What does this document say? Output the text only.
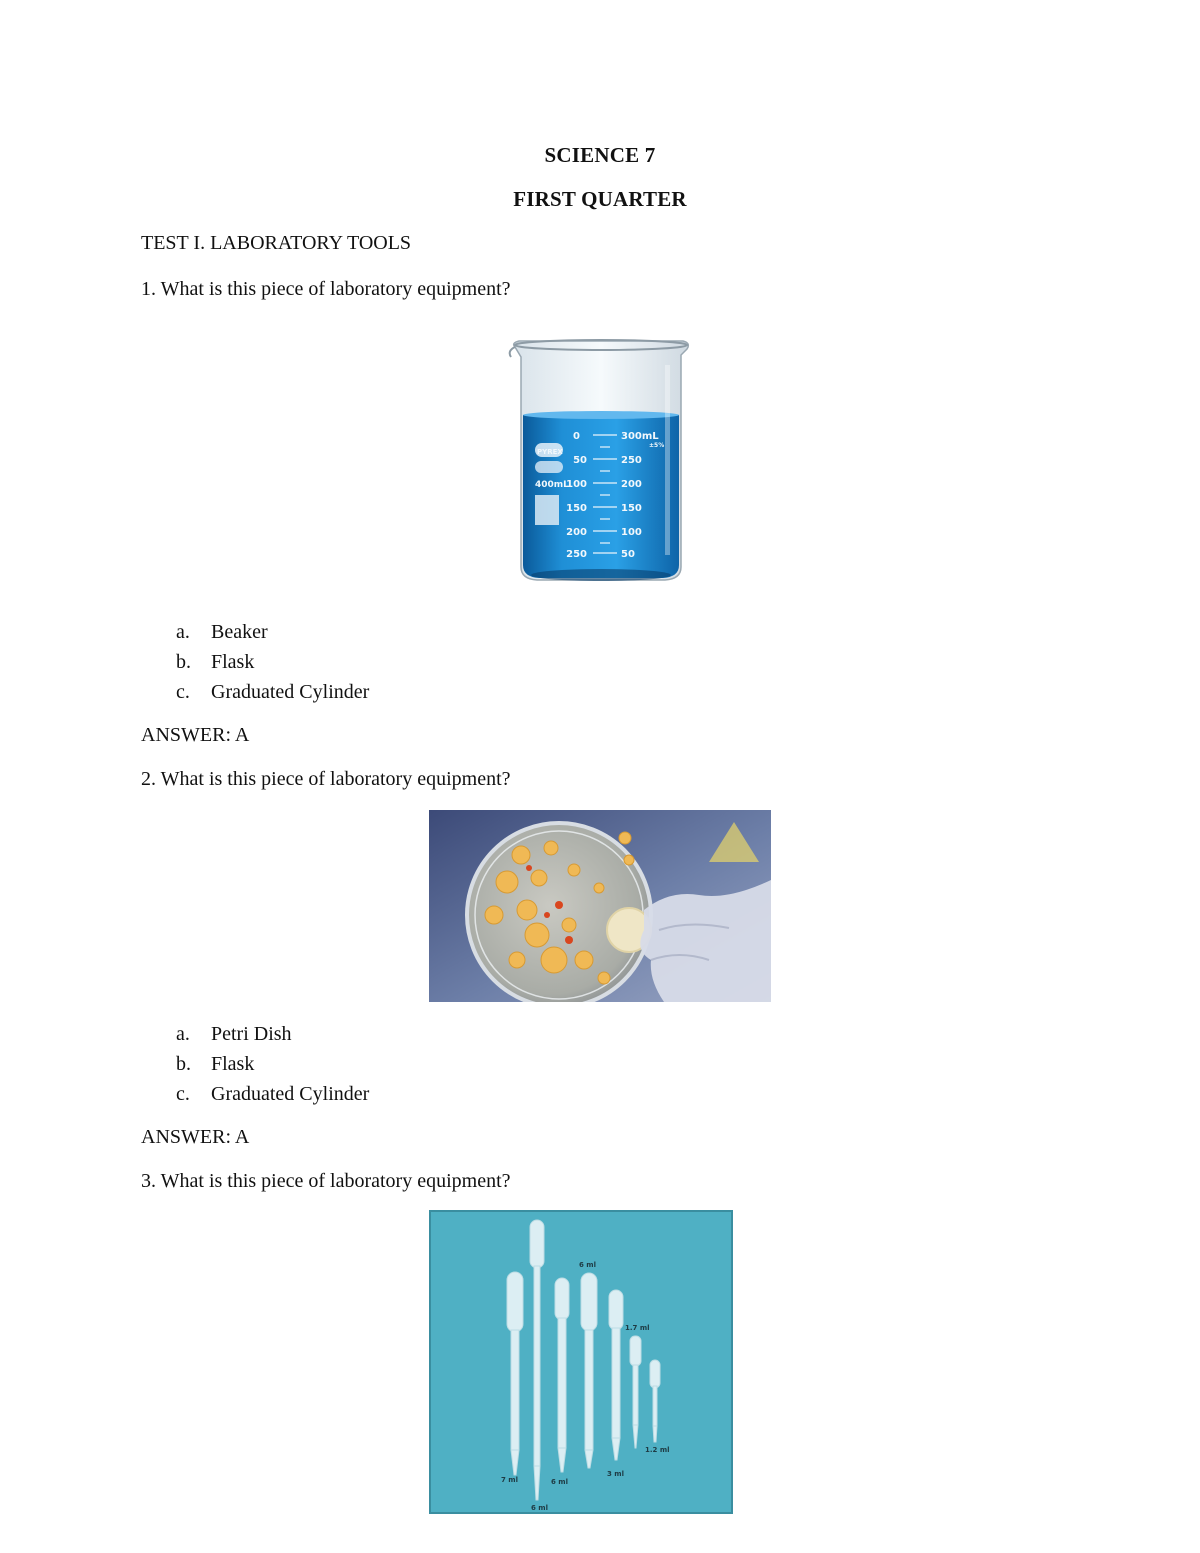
SCIENCE 7
FIRST QUARTER
TEST I. LABORATORY TOOLS
1. What is this piece of laboratory equipment?
PYREX
400mL
0
50
100
150
200
250
300mL
±5%
250
200
150
100
50
a. Beaker
b. Flask
c. Graduated Cylinder
ANSWER: A
2. What is this piece of laboratory equipment?
a. Petri Dish
b. Flask
c. Graduated Cylinder
ANSWER: A
3. What is this piece of laboratory equipment?
6 ml
1.7 ml
1.2 ml
7 ml	6 ml
3 ml
6 ml
